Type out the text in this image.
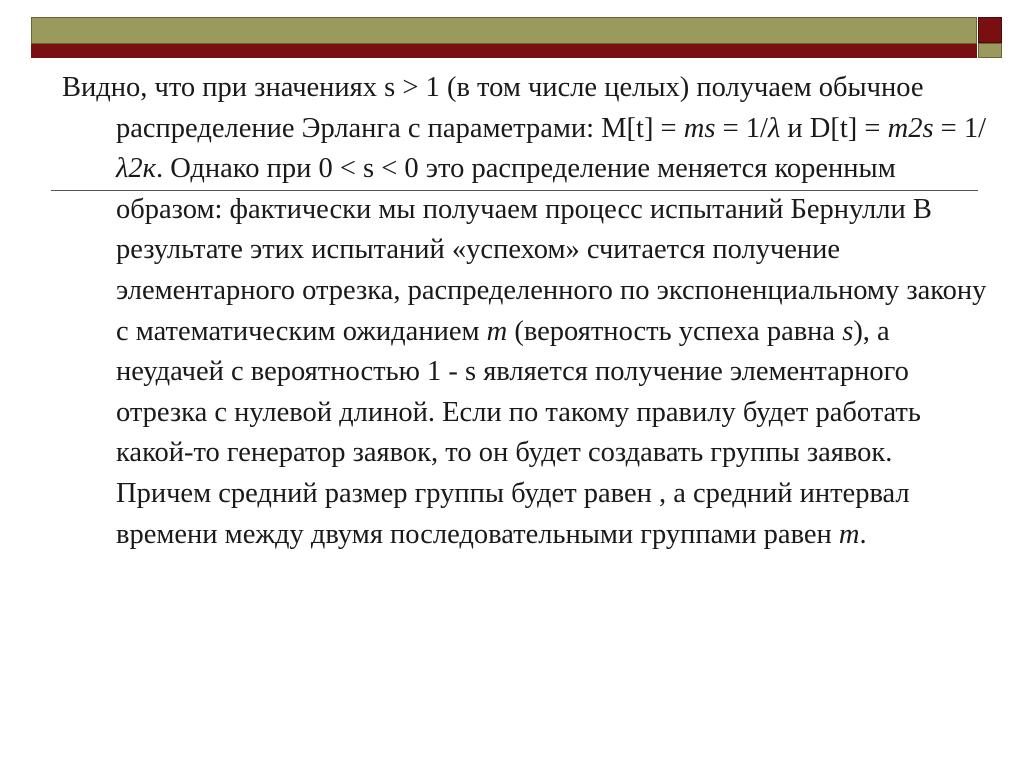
Видно, что при значениях s > 1 (в том числе целых) получаем обычное распределение Эрланга с параметрами: M[t] = ms = 1/λ и D[t] = m2s = 1/λ2к. Однако при 0 < s < 0 это распределение меняется коренным образом: фактически мы получаем процесс испытаний Бернулли В результате этих испытаний «успехом» считается получение элементарного отрезка, распределенного по экспоненциальному закону с математическим ожиданием m (вероятность успеха равна s), а неудачей с вероятностью 1 - s является получение элементарного отрезка с нулевой длиной. Если по такому правилу будет работать какой-то генератор заявок, то он будет создавать группы заявок. Причем средний размер группы будет равен , а средний интервал времени между двумя последовательными группами равен m.
